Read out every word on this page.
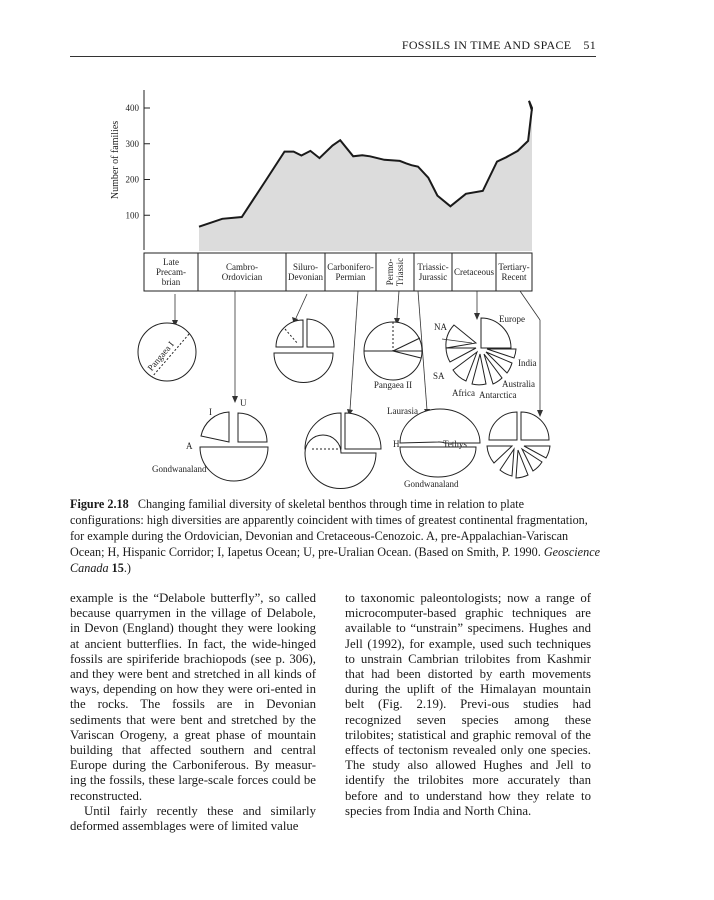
FOSSILS IN TIME AND SPACE 51
400
300
200
100
Number of families
Late Precam-brian
Cambro-Ordovician
Siluro-Devonian
Carbonifero-Permian	Permo-Triassic Triassic-Jurassic Cretaceous Tertiary-Recent
Pangaea I
Pangaea II
U
I
A
Gondwanaland
Laurasia
H	Tethys
Gondwanaland
NA
SA
Europe
India
Australia
Africa Antarctica
Figure 2.18 Changing familial diversity of skeletal benthos through time in relation to plate configurations: high diversities are apparently coincident with times of greatest continental fragmentation, for example during the Ordovician, Devonian and Cretaceous-Cenozoic. A, pre-Appalachian-Variscan Ocean; H, Hispanic Corridor; I, Iapetus Ocean; U, pre-Uralian Ocean. (Based on Smith, P. 1990. Geoscience Canada 15.)

example is the “Delabole butterfly”, so called because quarrymen in the village of Delabole, in Devon (England) thought they were looking at ancient butterflies. In fact, the wide-hinged fossils are spiriferide brachiopods (see p. 306), and they were bent and stretched in all kinds of ways, depending on how they were ori-ented in the rocks. The fossils are in Devonian sediments that were bent and stretched by the Variscan Orogeny, a great phase of mountain building that affected southern and central Europe during the Carboniferous. By measur-ing the fossils, these large-scale forces could be reconstructed.

Until fairly recently these and similarly deformed assemblages were of limited value

to taxonomic paleontologists; now a range of microcomputer-based graphic techniques are available to “unstrain” specimens. Hughes and Jell (1992), for example, used such techniques to unstrain Cambrian trilobites from Kashmir that had been distorted by earth movements during the uplift of the Himalayan mountain belt (Fig. 2.19). Previ-ous studies had recognized seven species among these trilobites; statistical and graphic removal of the effects of tectonism revealed only one species. The study also allowed Hughes and Jell to identify the trilobites more accurately than before and to understand how they relate to species from India and North China.
